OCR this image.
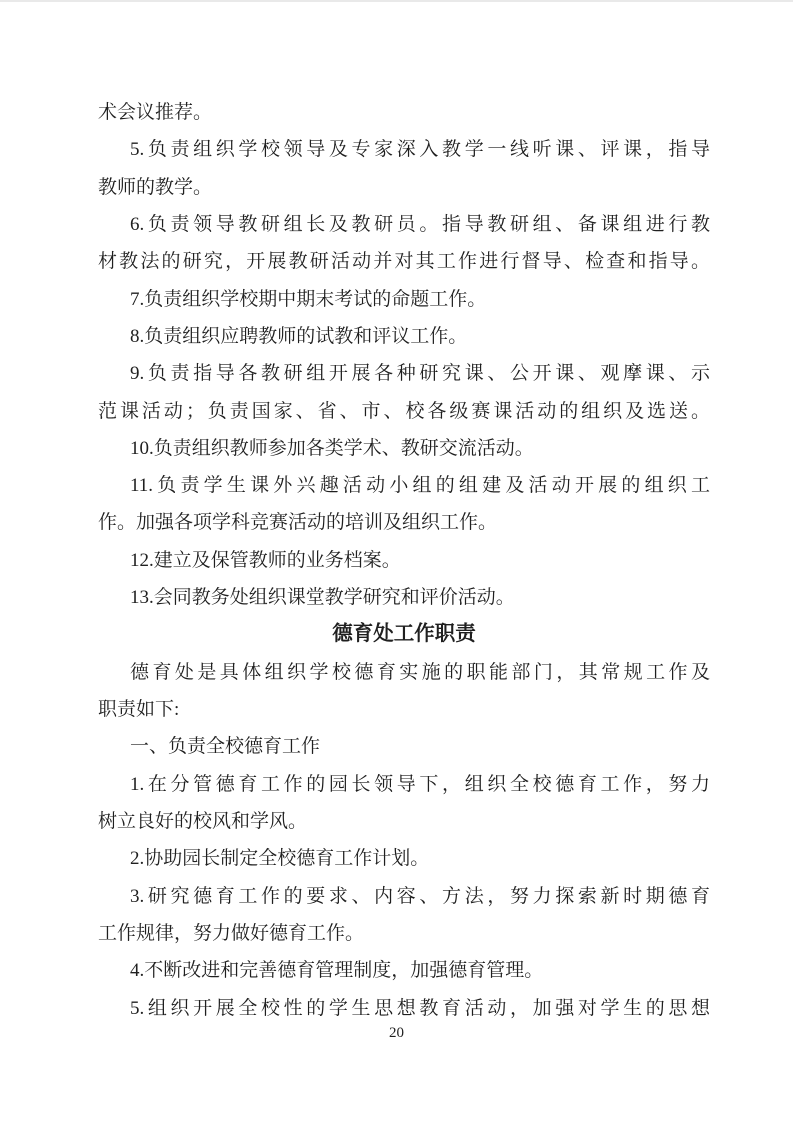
术会议推荐。
5.负责组织学校领导及专家深入教学一线听课、评课，指导
教师的教学。
6.负责领导教研组长及教研员。指导教研组、备课组进行教
材教法的研究，开展教研活动并对其工作进行督导、检查和指导。
7.负责组织学校期中期末考试的命题工作。
8.负责组织应聘教师的试教和评议工作。
9.负责指导各教研组开展各种研究课、公开课、观摩课、示
范课活动；负责国家、省、市、校各级赛课活动的组织及选送。
10.负责组织教师参加各类学术、教研交流活动。
11.负责学生课外兴趣活动小组的组建及活动开展的组织工
作。加强各项学科竞赛活动的培训及组织工作。
12.建立及保管教师的业务档案。
13.会同教务处组织课堂教学研究和评价活动。
德育处工作职责
德育处是具体组织学校德育实施的职能部门，其常规工作及
职责如下:
一、负责全校德育工作
1.在分管德育工作的园长领导下，组织全校德育工作，努力
树立良好的校风和学风。
2.协助园长制定全校德育工作计划。
3.研究德育工作的要求、内容、方法，努力探索新时期德育
工作规律，努力做好德育工作。
4.不断改进和完善德育管理制度，加强德育管理。
5.组织开展全校性的学生思想教育活动，加强对学生的思想
20
